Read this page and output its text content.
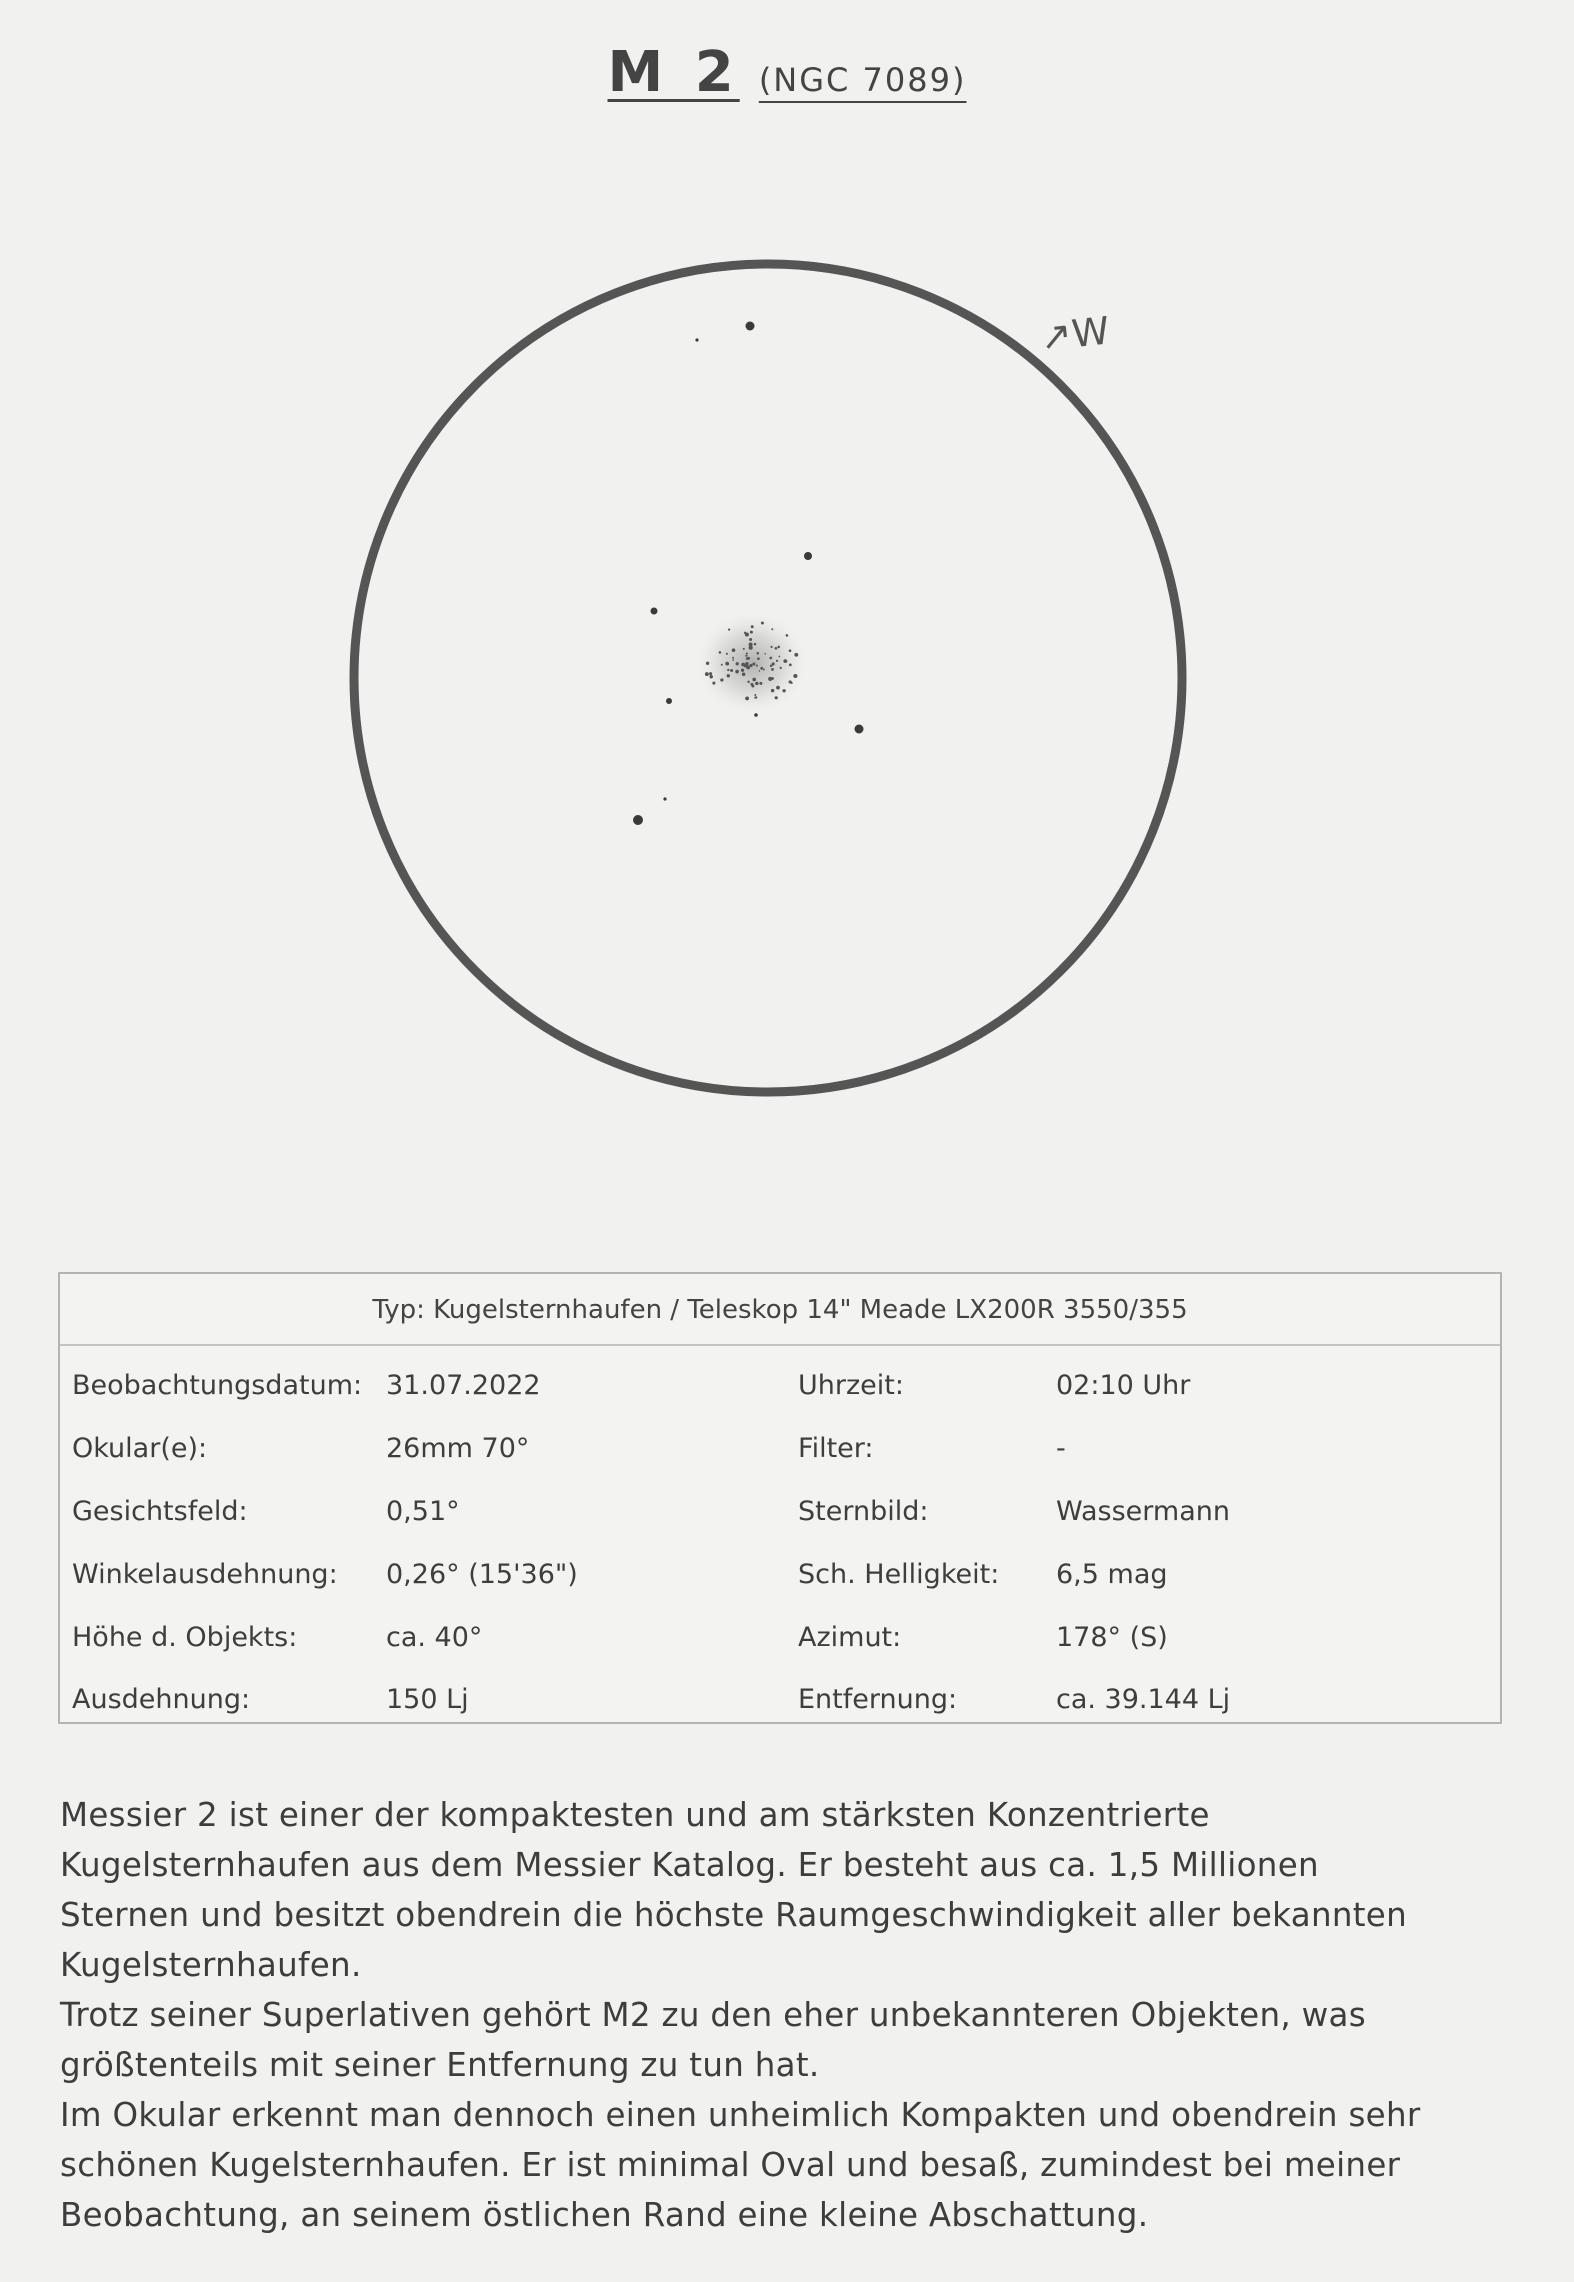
M 2 (NGC 7089)
↗W
Typ: Kugelsternhaufen / Teleskop 14" Meade LX200R 3550/355
Beobachtungsdatum: 31.07.2022	Uhrzeit:	02:10 Uhr
Okular(e):	26mm 70°	Filter:	-
Gesichtsfeld:	0,51°	Sternbild:	Wassermann
Winkelausdehnung: 0,26° (15'36")	Sch. Helligkeit: 6,5 mag
Höhe d. Objekts:	ca. 40°	Azimut:	178° (S)
Ausdehnung:	150 Lj	Entfernung:	ca. 39.144 Lj

Messier 2 ist einer der kompaktesten und am stärksten Konzentrierte

Kugelsternhaufen aus dem Messier Katalog. Er besteht aus ca. 1,5 Millionen

Sternen und besitzt obendrein die höchste Raumgeschwindigkeit aller bekannten

Kugelsternhaufen.

Trotz seiner Superlativen gehört M2 zu den eher unbekannteren Objekten, was

größtenteils mit seiner Entfernung zu tun hat.

Im Okular erkennt man dennoch einen unheimlich Kompakten und obendrein sehr

schönen Kugelsternhaufen. Er ist minimal Oval und besaß, zumindest bei meiner

Beobachtung, an seinem östlichen Rand eine kleine Abschattung.
